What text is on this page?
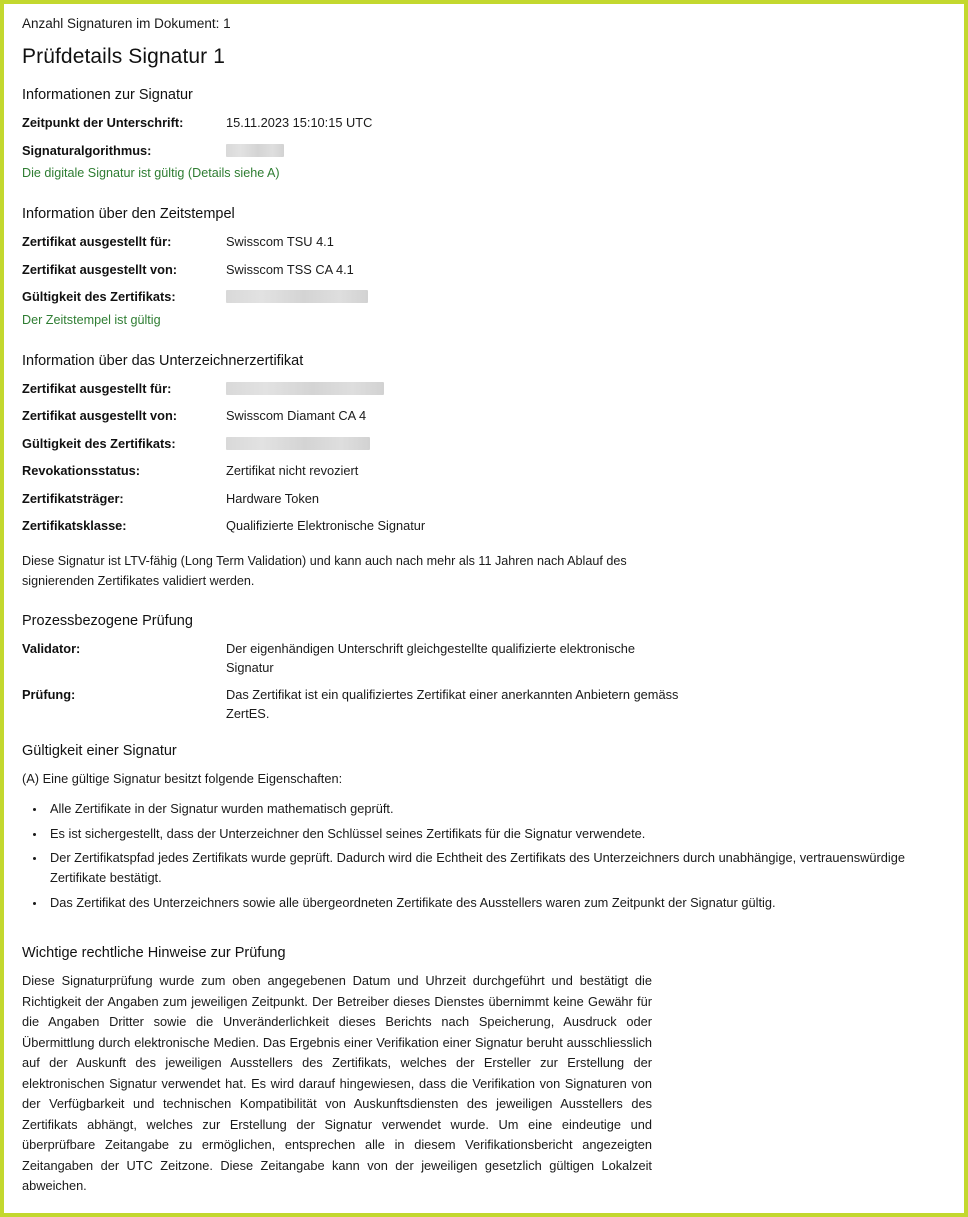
Anzahl Signaturen im Dokument: 1
Prüfdetails Signatur 1
Informationen zur Signatur
Zeitpunkt der Unterschrift:	15.11.2023 15:10:15 UTC
Signaturalgorithmus:	
Die digitale Signatur ist gültig (Details siehe A)
Information über den Zeitstempel
Zertifikat ausgestellt für:	Swisscom TSU 4.1
Zertifikat ausgestellt von:	Swisscom TSS CA 4.1
Gültigkeit des Zertifikats:	
Der Zeitstempel ist gültig
Information über das Unterzeichnerzertifikat
Zertifikat ausgestellt für:	
Zertifikat ausgestellt von:	Swisscom Diamant CA 4
Gültigkeit des Zertifikats:	
Revokationsstatus:	Zertifikat nicht revoziert
Zertifikatsträger:	Hardware Token
Zertifikatsklasse:	Qualifizierte Elektronische Signatur
Diese Signatur ist LTV-fähig (Long Term Validation) und kann auch nach mehr als 11 Jahren nach Ablauf des signierenden Zertifikates validiert werden.
Prozessbezogene Prüfung
Validator:	Der eigenhändigen Unterschrift gleichgestellte qualifizierte elektronische Signatur
Prüfung:	Das Zertifikat ist ein qualifiziertes Zertifikat einer anerkannten Anbietern gemäss ZertES.
Gültigkeit einer Signatur
(A) Eine gültige Signatur besitzt folgende Eigenschaften:
• Alle Zertifikate in der Signatur wurden mathematisch geprüft.
• Es ist sichergestellt, dass der Unterzeichner den Schlüssel seines Zertifikats für die Signatur verwendete.
• Der Zertifikatspfad jedes Zertifikats wurde geprüft. Dadurch wird die Echtheit des Zertifikats des Unterzeichners durch unabhängige, vertrauenswürdige Zertifikate bestätigt.
• Das Zertifikat des Unterzeichners sowie alle übergeordneten Zertifikate des Ausstellers waren zum Zeitpunkt der Signatur gültig.
Wichtige rechtliche Hinweise zur Prüfung
Diese Signaturprüfung wurde zum oben angegebenen Datum und Uhrzeit durchgeführt und bestätigt die Richtigkeit der Angaben zum jeweiligen Zeitpunkt. Der Betreiber dieses Dienstes übernimmt keine Gewähr für die Angaben Dritter sowie die Unveränderlichkeit dieses Berichts nach Speicherung, Ausdruck oder Übermittlung durch elektronische Medien. Das Ergebnis einer Verifikation einer Signatur beruht ausschliesslich auf der Auskunft des jeweiligen Ausstellers des Zertifikats, welches der Ersteller zur Erstellung der elektronischen Signatur verwendet hat. Es wird darauf hingewiesen, dass die Verifikation von Signaturen von der Verfügbarkeit und technischen Kompatibilität von Auskunftsdiensten des jeweiligen Ausstellers des Zertifikats abhängt, welches zur Erstellung der Signatur verwendet wurde. Um eine eindeutige und überprüfbare Zeitangabe zu ermöglichen, entsprechen alle in diesem Verifikationsbericht angezeigten Zeitangaben der UTC Zeitzone. Diese Zeitangabe kann von der jeweiligen gesetzlich gültigen Lokalzeit abweichen.
